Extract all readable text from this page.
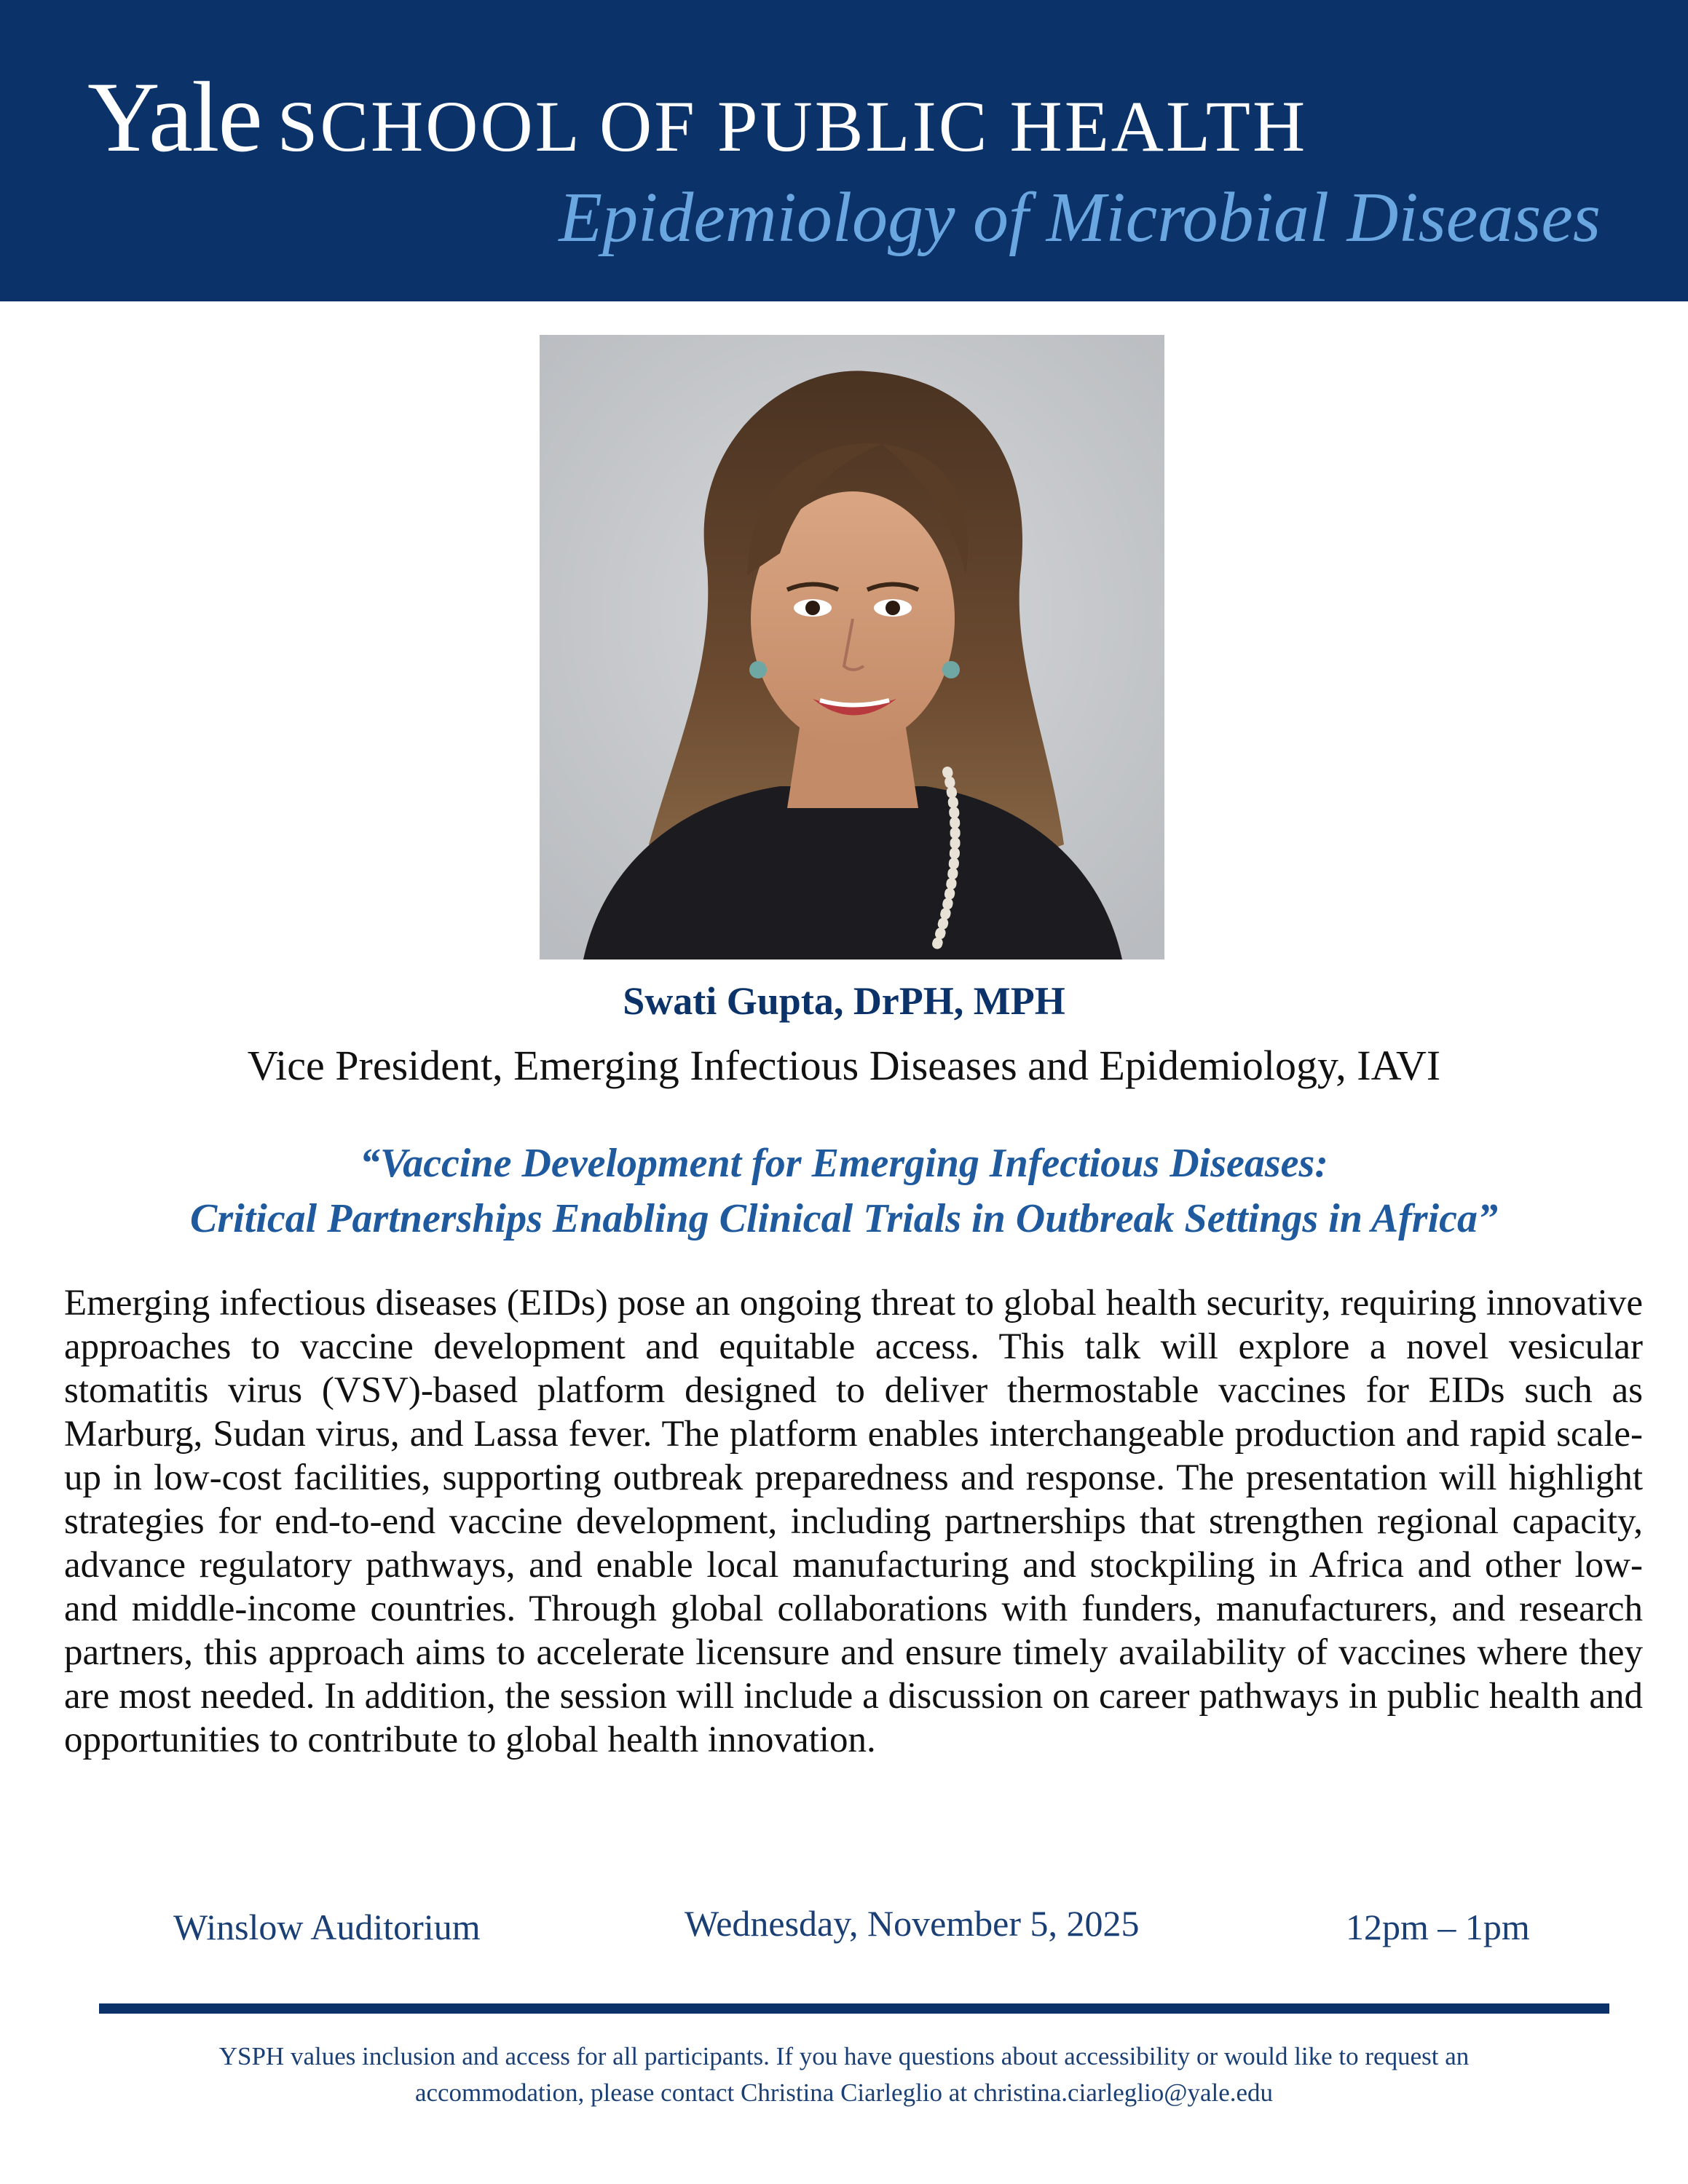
Yale SCHOOL OF PUBLIC HEALTH
Epidemiology of Microbial Diseases
Swati Gupta, DrPH, MPH
Vice President, Emerging Infectious Diseases and Epidemiology, IAVI
“Vaccine Development for Emerging Infectious Diseases:
Critical Partnerships Enabling Clinical Trials in Outbreak Settings in Africa”
Emerging infectious diseases (EIDs) pose an ongoing threat to global health security, requiring innovative approaches to vaccine development and equitable access. This talk will explore a novel vesicular stomatitis virus (VSV)-based platform designed to deliver thermostable vaccines for EIDs such as Marburg, Sudan virus, and Lassa fever. The platform enables interchangeable production and rapid scale-up in low-cost facilities, supporting outbreak preparedness and response. The presentation will highlight strategies for end-to-end vaccine development, including partnerships that strengthen regional capacity, advance regulatory pathways, and enable local manufacturing and stockpiling in Africa and other low- and middle-income countries. Through global collaborations with funders, manufacturers, and research partners, this approach aims to accelerate licensure and ensure timely availability of vaccines where they are most needed. In addition, the session will include a discussion on career pathways in public health and opportunities to contribute to global health innovation.
Winslow Auditorium	Wednesday, November 5, 2025	12pm – 1pm
YSPH values inclusion and access for all participants. If you have questions about accessibility or would like to request an
accommodation, please contact Christina Ciarleglio at christina.ciarleglio@yale.edu
